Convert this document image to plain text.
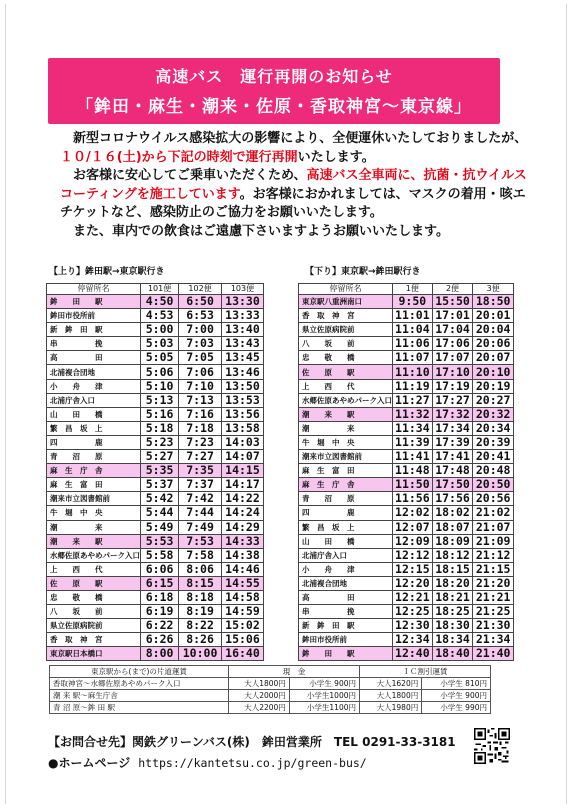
高速バス　運行再開のお知らせ
「鉾田・麻生・潮来・佐原・香取神宮～東京線」

　新型コロナウイルス感染拡大の影響により、全便運休いたしておりましたが、１０/１６(土)から下記の時刻で運行再開いたします。

　お客様に安心してご乗車いただくため、高速バス全車両に、抗菌・抗ウイルスコーティングを施工しています。お客様におかれましては、マスクの着用・咳エチケットなど、感染防止のご協力をお願いいたします。

　また、車内での飲食はご遠慮下さいますようお願いいたします。

【上り】鉾田駅→東京駅行き
停留所名	101便	102便	103便
鉾　　田　　駅	4:50	6:50	13:30
鉾田市役所前	4:53	6:53	13:33
新　鉾　田　駅	5:00	7:00	13:40
串　　　　　挽	5:03	7:03	13:43
高　　　　　田	5:05	7:05	13:45
北浦複合団地	5:06	7:06	13:46
小　　舟　　津	5:10	7:10	13:50
北浦庁舎入口	5:13	7:13	13:53
山　　田　　橋	5:16	7:16	13:56
繁　昌　坂　上	5:18	7:18	13:58
四　　　　　鹿	5:23	7:23	14:03
青　　沼　　原	5:27	7:27	14:07
麻　生　庁　舎	5:35	7:35	14:15
麻　生　富　田	5:37	7:37	14:17
潮来市立図書館前	5:42	7:42	14:22
牛　堀　中　央	5:44	7:44	14:24
潮　　　　　来	5:49	7:49	14:29
潮　　来　　駅	5:53	7:53	14:33
水郷佐原あやめパーク入口	5:58	7:58	14:38
上　　西　　代	6:06	8:06	14:46
佐　　原　　駅	6:15	8:15	14:55
忠　　敬　　橋	6:18	8:18	14:58
八　　坂　　前	6:19	8:19	14:59
県立佐原病院前	6:22	8:22	15:02
香　取　神　宮	6:26	8:26	15:06
東京駅日本橋口	8:00	10:00	16:40
【下り】東京駅→鉾田駅行き
停留所名	1便	2便	3便
東京駅八重洲南口	9:50	15:50	18:50
香　取　神　宮	11:01	17:01	20:01
県立佐原病院前	11:04	17:04	20:04
八　　坂　　前	11:06	17:06	20:06
忠　　敬　　橋	11:07	17:07	20:07
佐　　原　　駅	11:10	17:10	20:10
上　　西　　代	11:19	17:19	20:19
水郷佐原あやめパーク入口	11:27	17:27	20:27
潮　　来　　駅	11:32	17:32	20:32
潮　　　　　来	11:34	17:34	20:34
牛　堀　中　央	11:39	17:39	20:39
潮来市立図書館前	11:41	17:41	20:41
麻　生　富　田	11:48	17:48	20:48
麻　生　庁　舎	11:50	17:50	20:50
青　　沼　　原	11:56	17:56	20:56
四　　　　　鹿	12:02	18:02	21:02
繁　昌　坂　上	12:07	18:07	21:07
山　　田　　橋	12:09	18:09	21:09
北浦庁舎入口	12:12	18:12	21:12
小　　舟　　津	12:15	18:15	21:15
北浦複合団地	12:20	18:20	21:20
高　　　　　田	12:21	18:21	21:21
串　　　　　挽	12:25	18:25	21:25
新　鉾　田　駅	12:30	18:30	21:30
鉾田市役所前	12:34	18:34	21:34
鉾　　田　　駅	12:40	18:40	21:40
東京駅から(まで)の片道運賃	現　金		ＩＣ割引運賃	
香取神宮～水郷佐原あやめパーク入口	大人1800円	小学生 900円	大人1620円	小学生 810円
潮 来 駅～麻生庁舎	大人2000円	小学生1000円	大人1800円	小学生 900円
青 沼 原～鉾 田 駅	大人2200円	小学生1100円	大人1980円	小学生 990円
【お問合せ先】関鉄グリーンバス(株)　鉾田営業所　 TEL 0291-33-3181
●ホームページ https://kantetsu.co.jp/green-bus/
